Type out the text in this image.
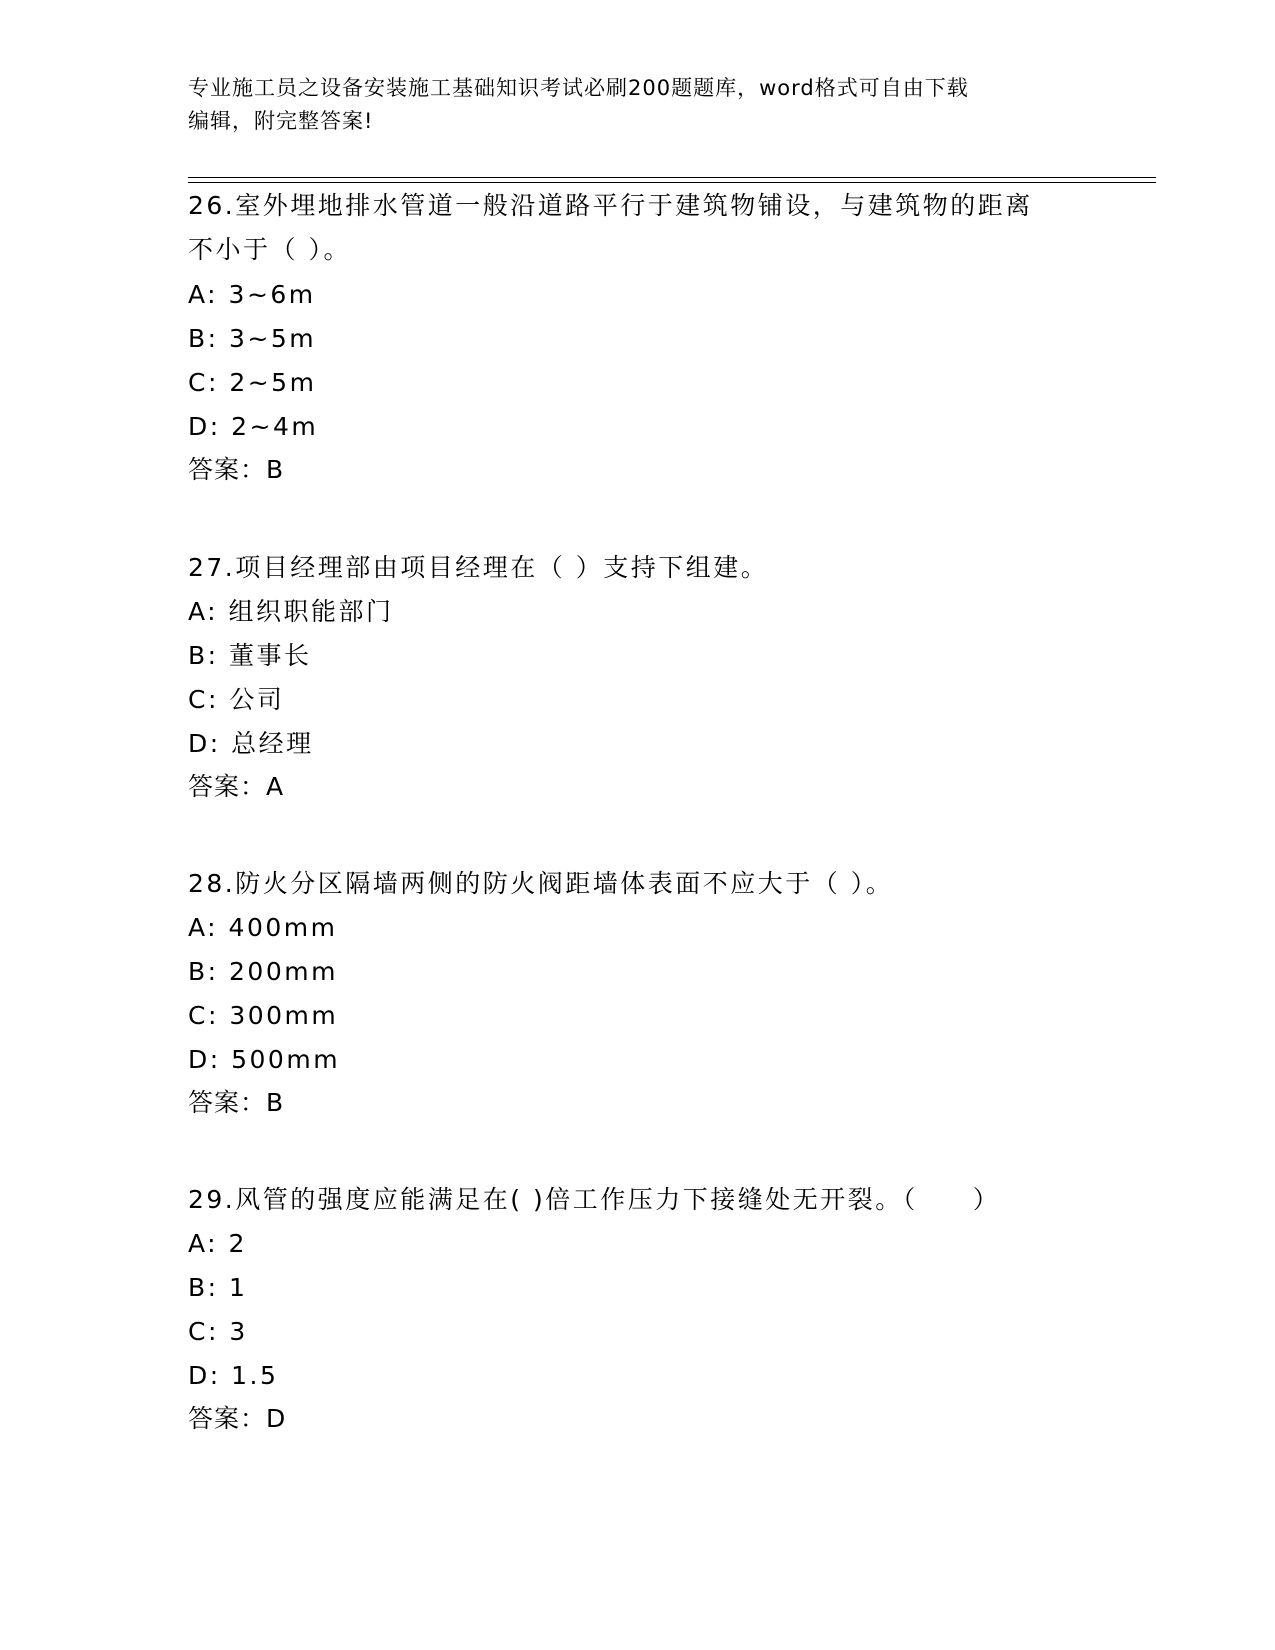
专业施工员之设备安装施工基础知识考试必刷200题题库，word格式可自由下载
编辑，附完整答案!
26.室外埋地排水管道一般沿道路平行于建筑物铺设，与建筑物的距离
不小于（ ）。
A: 3~6m
B: 3~5m
C: 2~5m
D: 2~4m
答案：B
27.项目经理部由项目经理在（ ）支持下组建。
A: 组织职能部门
B: 董事长
C: 公司
D: 总经理
答案：A
28.防火分区隔墙两侧的防火阀距墙体表面不应大于（ ）。
A: 400mm
B: 200mm
C: 300mm
D: 500mm
答案：B
29.风管的强度应能满足在( )倍工作压力下接缝处无开裂。（　　）
A: 2
B: 1
C: 3
D: 1.5
答案：D
